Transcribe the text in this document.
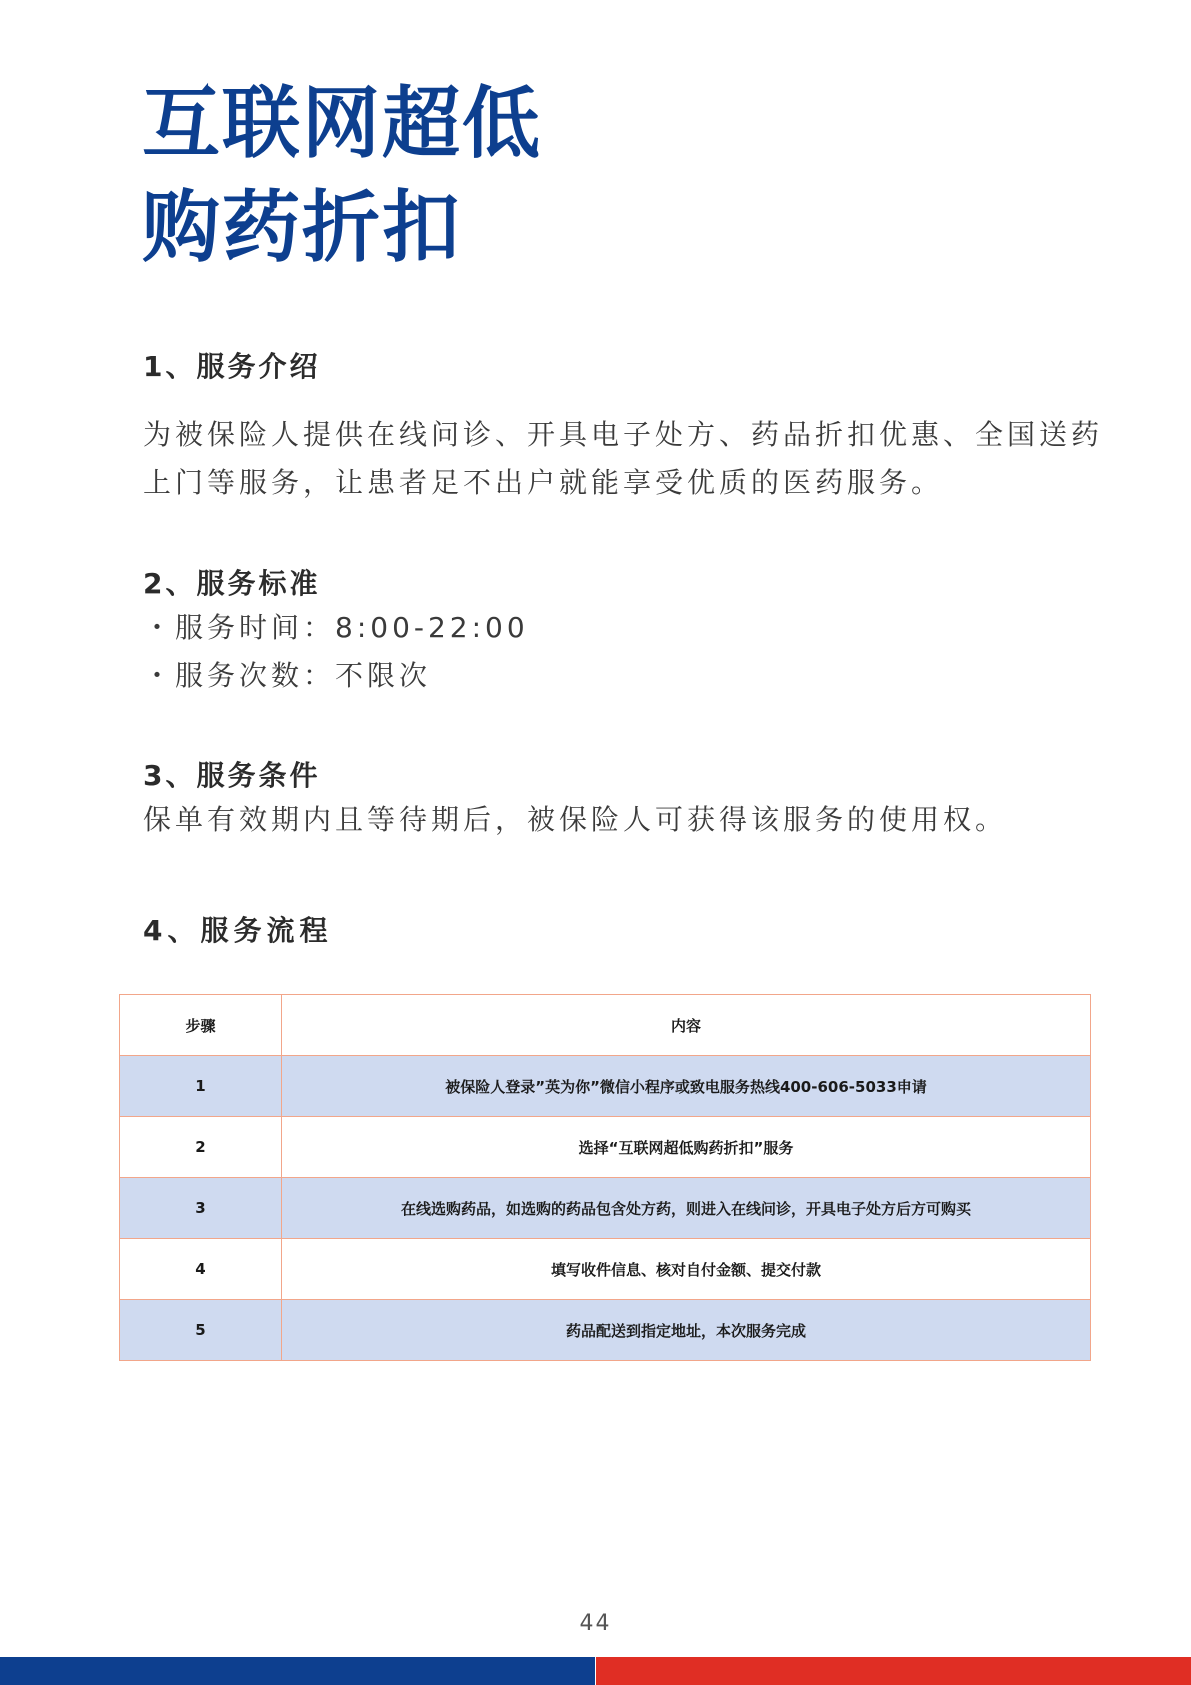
互联网超低
购药折扣
1、服务介绍
为被保险人提供在线问诊、开具电子处方、药品折扣优惠、全国送药上门等服务，让患者足不出户就能享受优质的医药服务。
2、服务标准
・服务时间：8:00-22:00
・服务次数：不限次
3、服务条件
保单有效期内且等待期后，被保险人可获得该服务的使用权。
4、服务流程
步骤	内容
1	被保险人登录”英为你”微信小程序或致电服务热线400-606-5033申请
2	选择“互联网超低购药折扣”服务
3	在线选购药品，如选购的药品包含处方药，则进入在线问诊，开具电子处方后方可购买
4	填写收件信息、核对自付金额、提交付款
5	药品配送到指定地址，本次服务完成
44
